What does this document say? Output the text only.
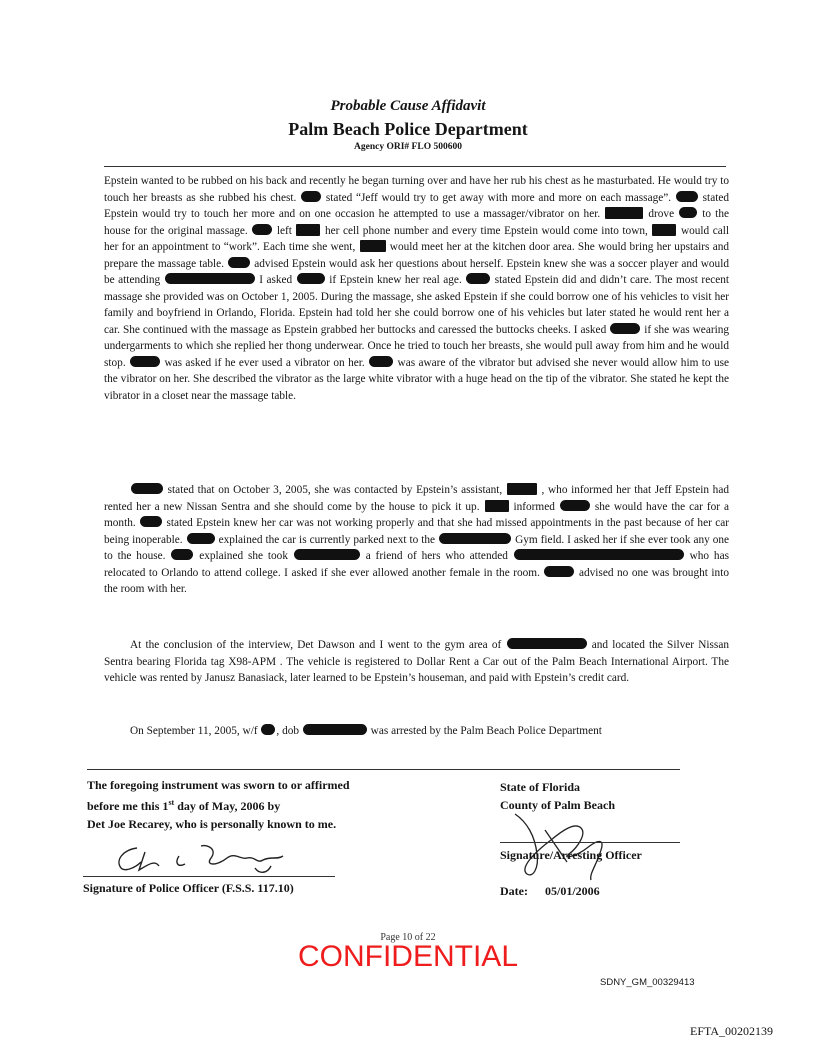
Probable Cause Affidavit
Palm Beach Police Department
Agency ORI# FLO 500600
Epstein wanted to be rubbed on his back and recently he began turning over and have her rub his chest as he masturbated. He would try to touch her breasts as she rubbed his chest.	stated “Jeff would try to get away with more and more on each massage”.	stated Epstein would try to touch her more and on one occasion he attempted to use a massager/vibrator on her.	drove to the house for the original massage.	left	her cell phone number and every time Epstein would come into town,	would call her for an appointment to “work”. Each time she went,	would meet her at the kitchen door area. She would bring her upstairs and prepare the massage table.	advised Epstein would ask her questions about herself. Epstein knew she was a soccer player and would be attending	I asked	if Epstein knew her real age.	stated Epstein did and didn’t care. The most recent massage she provided was on October 1, 2005. During the massage, she asked Epstein if she could borrow one of his vehicles to visit her family and boyfriend in Orlando, Florida. Epstein had told her she could borrow one of his vehicles but later stated he would rent her a car. She continued with the massage as Epstein grabbed her buttocks and caressed the buttocks cheeks. I asked	if she was wearing undergarments to which she replied her thong underwear. Once he tried to touch her breasts, she would pull away from him and he would stop.	was asked if he ever used a vibrator on her.	was aware of the vibrator but advised she never would allow him to use the vibrator on her. She described the vibrator as the large white vibrator with a huge head on the tip of the vibrator. She stated he kept the vibrator in a closet near the massage table.
stated that on October 3, 2005, she was contacted by Epstein’s assistant,	, who informed her that Jeff Epstein had rented her a new Nissan Sentra and she should come by the house to pick it up.	informed	she would have the car for a month.	stated Epstein knew her car was not working properly and that she had missed appointments in the past because of her car being inoperable.	explained the car is currently parked next to the	Gym field. I asked her if she ever took any one to the house.	explained she took	a friend of hers who attended	who has relocated to Orlando to attend college. I asked if she ever allowed another female in the room.	advised no one was brought into the room with her.
At the conclusion of the interview, Det Dawson and I went to the gym area of	and located the Silver Nissan Sentra bearing Florida tag X98-APM . The vehicle is registered to Dollar Rent a Car out of the Palm Beach International Airport. The vehicle was rented by Janusz Banasiack, later learned to be Epstein’s houseman, and paid with Epstein’s credit card.
On September 11, 2005, w/f , dob	was arrested by the Palm Beach Police Department
The foregoing instrument was sworn to or affirmed
before me this 1st day of May, 2006 by
Det Joe Recarey, who is personally known to me.
State of Florida
County of Palm Beach
Signature of Police Officer (F.S.S. 117.10)
Signature/Arresting Officer
Date: 05/01/2006
Page 10 of 22
CONFIDENTIAL
SDNY_GM_00329413
EFTA_00202139
